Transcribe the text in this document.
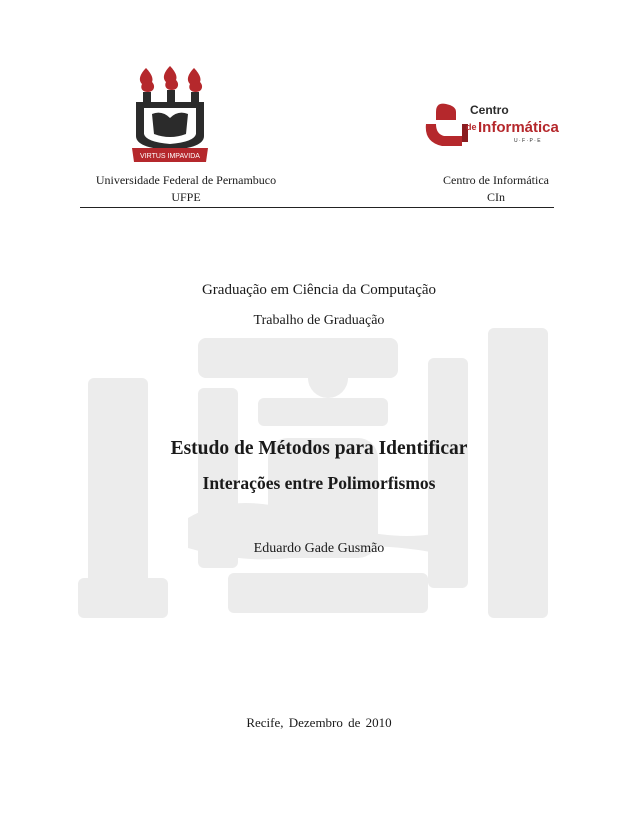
VIRTUS IMPAVIDA
Centro
de Informática
U · F · P · E
Universidade Federal de Pernambuco
UFPE
Centro de Informática
CIn
Graduação em Ciência da Computação
Trabalho de Graduação
Estudo de Métodos para Identificar
Interações entre Polimorfismos
Eduardo Gade Gusmão
Recife, Dezembro de 2010
